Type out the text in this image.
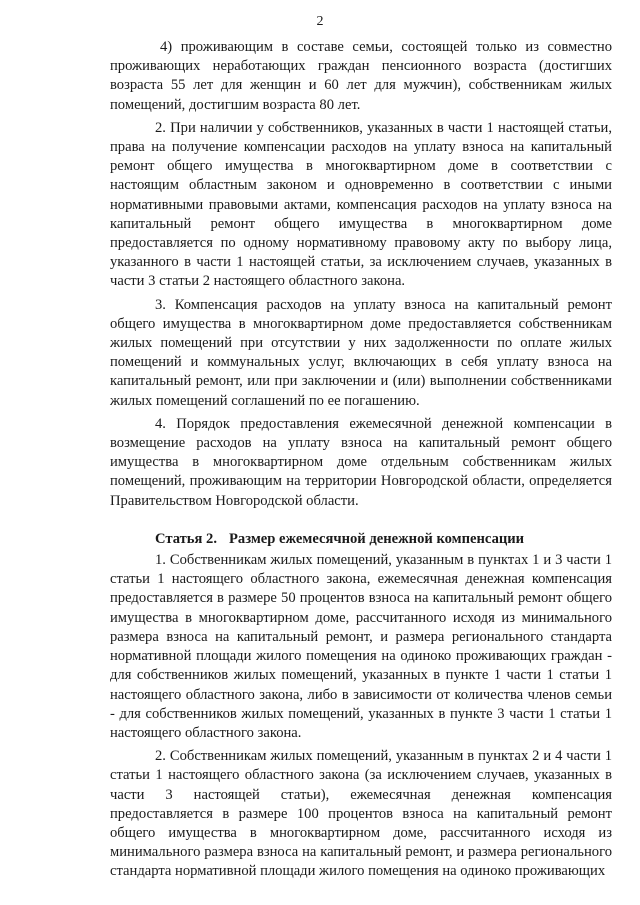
2

4) проживающим в составе семьи, состоящей только из совместно проживающих неработающих граждан пенсионного возраста (достигших возраста 55 лет для женщин и 60 лет для мужчин), собственникам жилых помещений, достигшим возраста 80 лет.

2. При наличии у собственников, указанных в части 1 настоящей статьи, права на получение компенсации расходов на уплату взноса на капитальный ремонт общего имущества в многоквартирном доме в соответствии с настоящим областным законом и одновременно в соответствии с иными нормативными правовыми актами, компенсация расходов на уплату взноса на капитальный ремонт общего имущества в многоквартирном доме предоставляется по одному нормативному правовому акту по выбору лица, указанного в части 1 настоящей статьи, за исключением случаев, указанных в части 3 статьи 2 настоящего областного закона.

3. Компенсация расходов на уплату взноса на капитальный ремонт общего имущества в многоквартирном доме предоставляется собственникам жилых помещений при отсутствии у них задолженности по оплате жилых помещений и коммунальных услуг, включающих в себя уплату взноса на капитальный ремонт, или при заключении и (или) выполнении собственниками жилых помещений соглашений по ее погашению.

4. Порядок предоставления ежемесячной денежной компенсации в возмещение расходов на уплату взноса на капитальный ремонт общего имущества в многоквартирном доме отдельным собственникам жилых помещений, проживающим на территории Новгородской области, определяется Правительством Новгородской области.

Статья 2. Размер ежемесячной денежной компенсации

1. Собственникам жилых помещений, указанным в пунктах 1 и 3 части 1 статьи 1 настоящего областного закона, ежемесячная денежная компенсация предоставляется в размере 50 процентов взноса на капитальный ремонт общего имущества в многоквартирном доме, рассчитанного исходя из минимального размера взноса на капитальный ремонт, и размера регионального стандарта нормативной площади жилого помещения на одиноко проживающих граждан - для собственников жилых помещений, указанных в пункте 1 части 1 статьи 1 настоящего областного закона, либо в зависимости от количества членов семьи - для собственников жилых помещений, указанных в пункте 3 части 1 статьи 1 настоящего областного закона.

2. Собственникам жилых помещений, указанным в пунктах 2 и 4 части 1 статьи 1 настоящего областного закона (за исключением случаев, указанных в части 3 настоящей статьи), ежемесячная денежная компенсация предоставляется в размере 100 процентов взноса на капитальный ремонт общего имущества в многоквартирном доме, рассчитанного исходя из минимального размера взноса на капитальный ремонт, и размера регионального стандарта нормативной площади жилого помещения на одиноко проживающих
